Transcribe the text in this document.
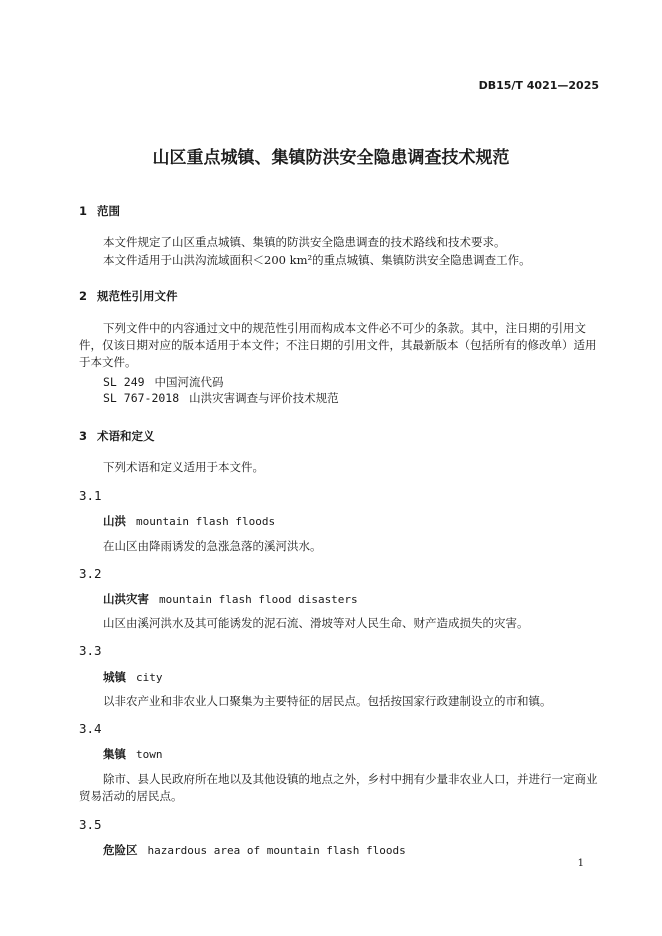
DB15/T 4021—2025
山区重点城镇、集镇防洪安全隐患调查技术规范
1 范围
本文件规定了山区重点城镇、集镇的防洪安全隐患调查的技术路线和技术要求。
本文件适用于山洪沟流域面积＜200 km²的重点城镇、集镇防洪安全隐患调查工作。
2 规范性引用文件
下列文件中的内容通过文中的规范性引用而构成本文件必不可少的条款。其中，注日期的引用文件，仅该日期对应的版本适用于本文件；不注日期的引用文件，其最新版本（包括所有的修改单）适用于本文件。
SL 249 中国河流代码
SL 767-2018 山洪灾害调查与评价技术规范
3 术语和定义
下列术语和定义适用于本文件。
3.1
山洪 mountain flash floods
在山区由降雨诱发的急涨急落的溪河洪水。
3.2
山洪灾害 mountain flash flood disasters
山区由溪河洪水及其可能诱发的泥石流、滑坡等对人民生命、财产造成损失的灾害。
3.3
城镇 city
以非农产业和非农业人口聚集为主要特征的居民点。包括按国家行政建制设立的市和镇。
3.4
集镇 town
除市、县人民政府所在地以及其他设镇的地点之外，乡村中拥有少量非农业人口，并进行一定商业贸易活动的居民点。
3.5
危险区 hazardous area of mountain flash floods
1
